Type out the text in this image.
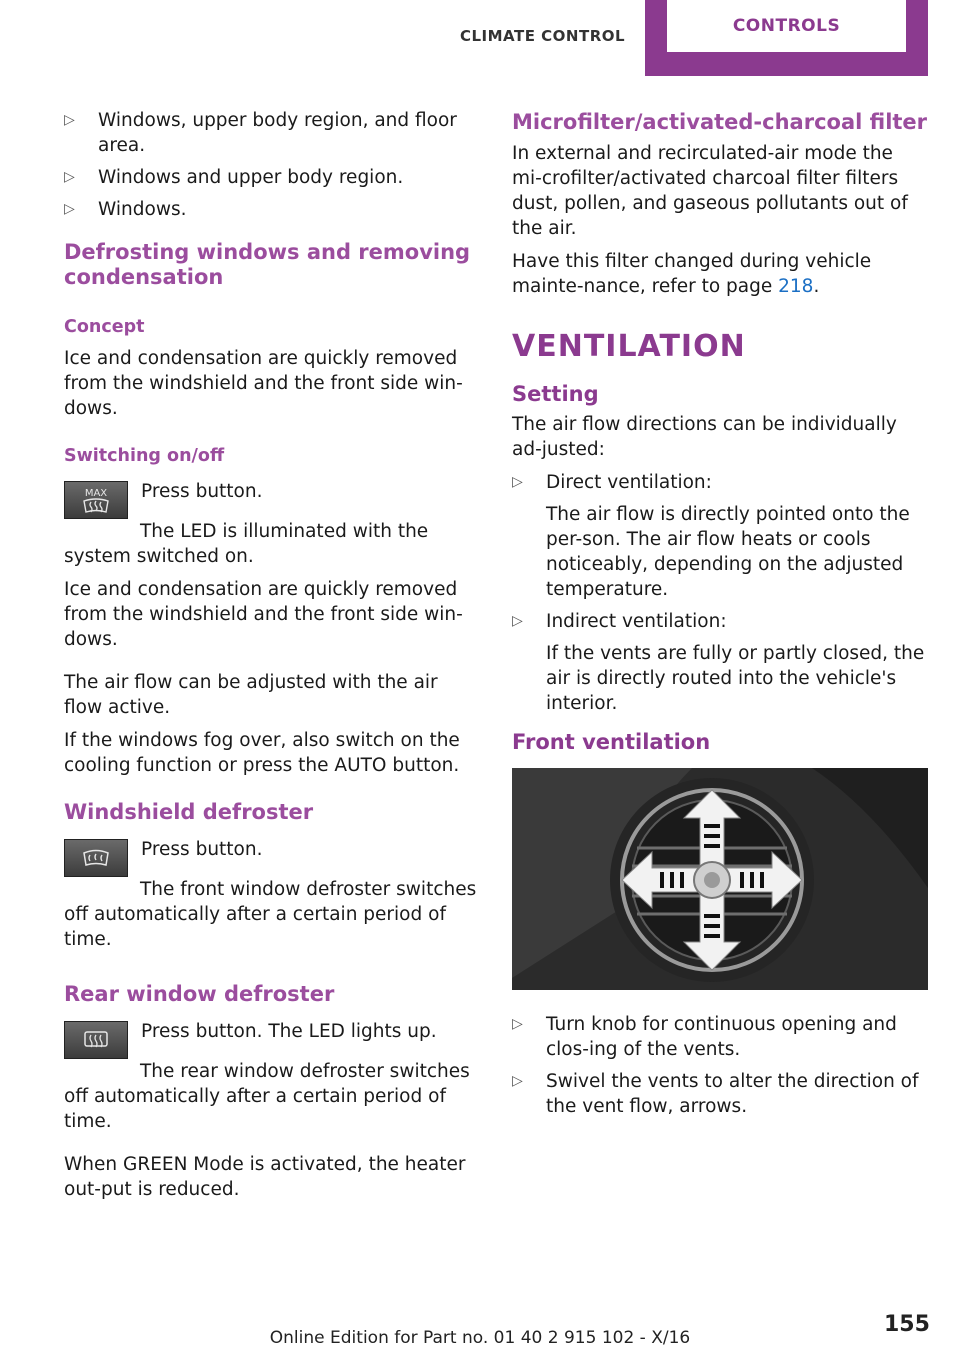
CLIMATE CONTROL	CONTROLS
▷ Windows, upper body region, and floor area.
▷ Windows and upper body region.
▷ Windows.
Defrosting windows and removing condensation
Concept

Ice and condensation are quickly removed from the windshield and the front side win-dows.

Switching on/off
MAX Press button.

The LED is illuminated with the system switched on.

Ice and condensation are quickly removed from the windshield and the front side win-dows.

The air flow can be adjusted with the air flow active.

If the windows fog over, also switch on the cooling function or press the AUTO button.

Windshield defroster

Press button.

The front window defroster switches off automatically after a certain period of time.

Rear window defroster

Press button. The LED lights up.

The rear window defroster switches off automatically after a certain period of time.

When GREEN Mode is activated, the heater out-put is reduced.

Microfilter/activated-charcoal filter

In external and recirculated-air mode the mi-crofilter/activated charcoal filter filters dust, pollen, and gaseous pollutants out of the air.

Have this filter changed during vehicle mainte-nance, refer to page 218.

VENTILATION
Setting

The air flow directions can be individually ad-justed:

▷ Direct ventilation:
The air flow is directly pointed onto the per-son. The air flow heats or cools noticeably, depending on the adjusted temperature.
▷ Indirect ventilation:
If the vents are fully or partly closed, the air is directly routed into the vehicle's interior.
Front ventilation
▷ Turn knob for continuous opening and clos-ing of the vents.
▷ Swivel the vents to alter the direction of the vent flow, arrows.
155
Online Edition for Part no. 01 40 2 915 102 - X/16
